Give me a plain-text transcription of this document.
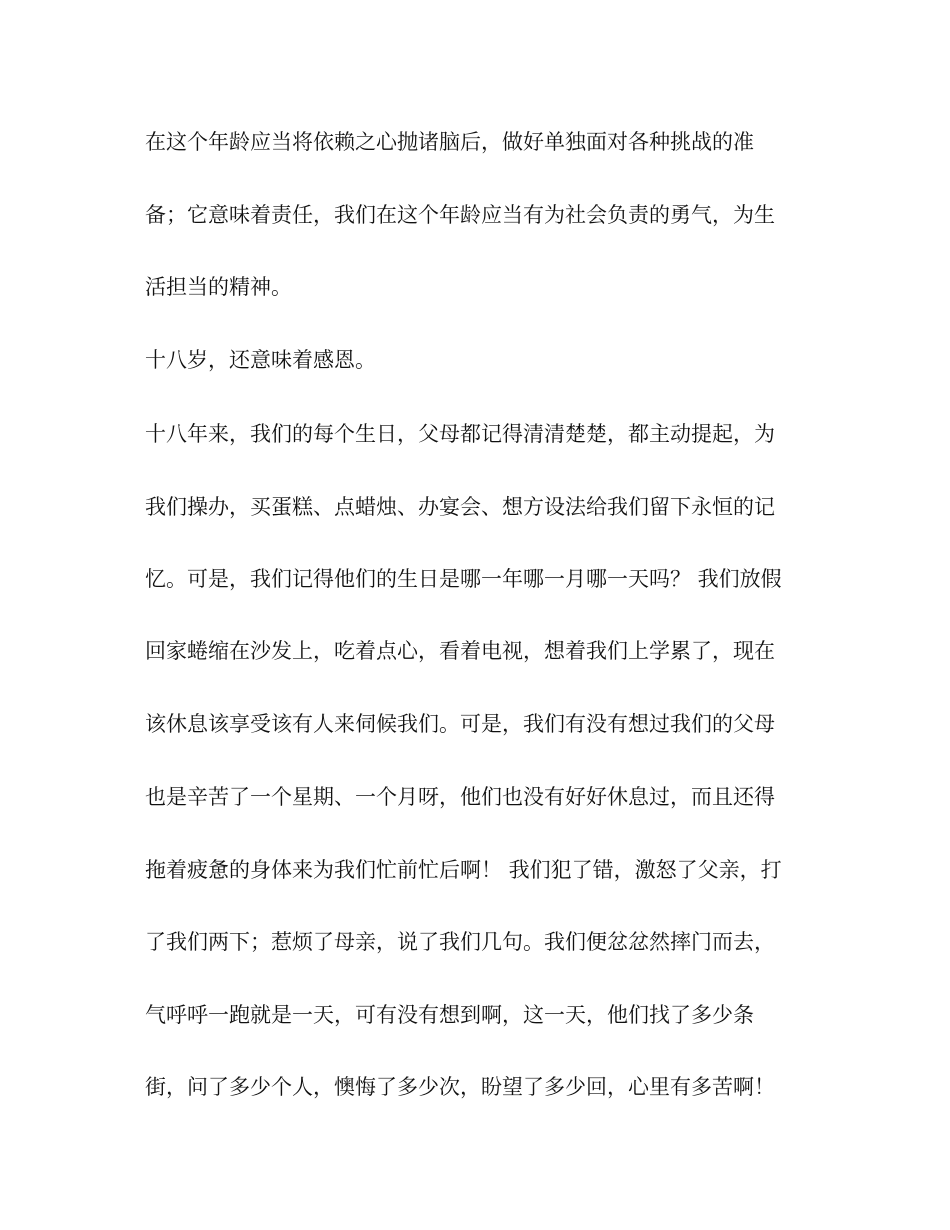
在这个年龄应当将依赖之心抛诸脑后，做好单独面对各种挑战的准
备；它意味着责任，我们在这个年龄应当有为社会负责的勇气，为生
活担当的精神。
十八岁，还意味着感恩。
十八年来，我们的每个生日，父母都记得清清楚楚，都主动提起，为
我们操办，买蛋糕、点蜡烛、办宴会、想方设法给我们留下永恒的记
忆。可是，我们记得他们的生日是哪一年哪一月哪一天吗？ 我们放假
回家蜷缩在沙发上，吃着点心，看着电视，想着我们上学累了，现在
该休息该享受该有人来伺候我们。可是，我们有没有想过我们的父母
也是辛苦了一个星期、一个月呀，他们也没有好好休息过，而且还得
拖着疲惫的身体来为我们忙前忙后啊！ 我们犯了错，激怒了父亲，打
了我们两下；惹烦了母亲，说了我们几句。我们便忿忿然摔门而去，
气呼呼一跑就是一天，可有没有想到啊，这一天，他们找了多少条
街，问了多少个人，懊悔了多少次，盼望了多少回，心里有多苦啊！
